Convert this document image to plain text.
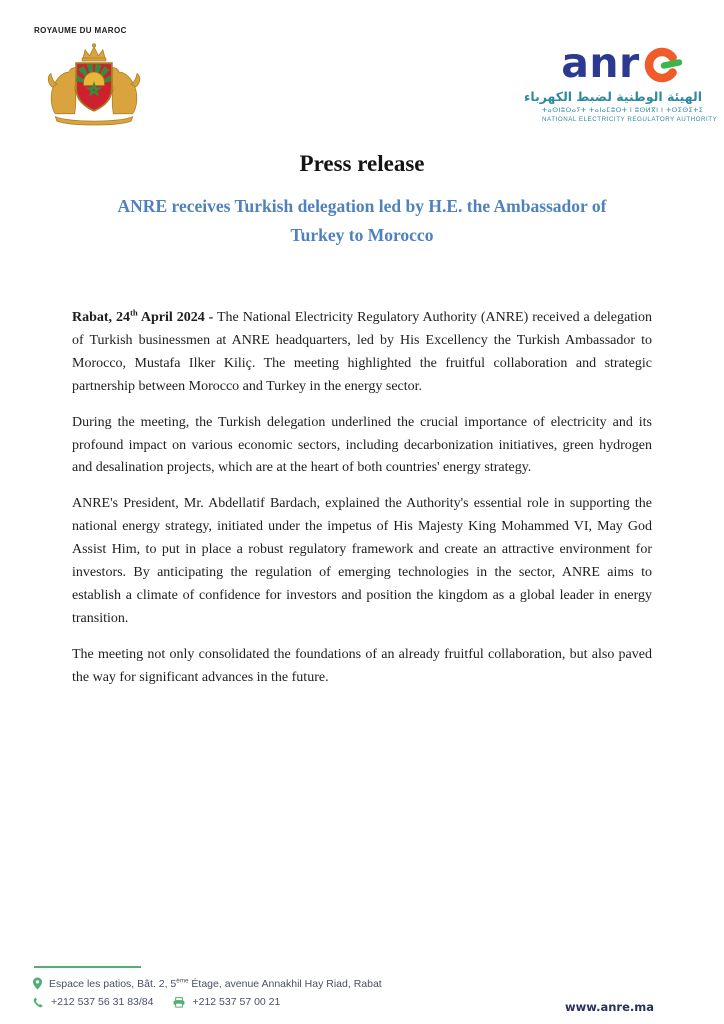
ROYAUME DU MAROC
anr
الهيئة الوطنية لضبط الكهرباء
ⵜⴰⵙⵏⵓⵔⴰⵢⵜ ⵜⴰⵏⴰⵎⵓⵔⵜ ⵏ ⵓⵙⵍⴳⵏ ⵏ ⵜⵔⵉⵙⵉⵜⵉ
NATIONAL ELECTRICITY REGULATORY AUTHORITY
Press release
ANRE receives Turkish delegation led by H.E. the Ambassador of
Turkey to Morocco

Rabat, 24th April 2024 - The National Electricity Regulatory Authority (ANRE) received a delegation of Turkish businessmen at ANRE headquarters, led by His Excellency the Turkish Ambassador to Morocco, Mustafa Ilker Kiliç. The meeting highlighted the fruitful collaboration and strategic partnership between Morocco and Turkey in the energy sector.

During the meeting, the Turkish delegation underlined the crucial importance of electricity and its profound impact on various economic sectors, including decarbonization initiatives, green hydrogen and desalination projects, which are at the heart of both countries' energy strategy.

ANRE's President, Mr. Abdellatif Bardach, explained the Authority's essential role in supporting the national energy strategy, initiated under the impetus of His Majesty King Mohammed VI, May God Assist Him, to put in place a robust regulatory framework and create an attractive environment for investors. By anticipating the regulation of emerging technologies in the sector, ANRE aims to establish a climate of confidence for investors and position the kingdom as a global leader in energy transition.

The meeting not only consolidated the foundations of an already fruitful collaboration, but also paved the way for significant advances in the future.

Espace les patios, Bât. 2, 5ème Étage, avenue Annakhil Hay Riad, Rabat
+212 537 56 31 83/84	+212 537 57 00 21	www.anre.ma
